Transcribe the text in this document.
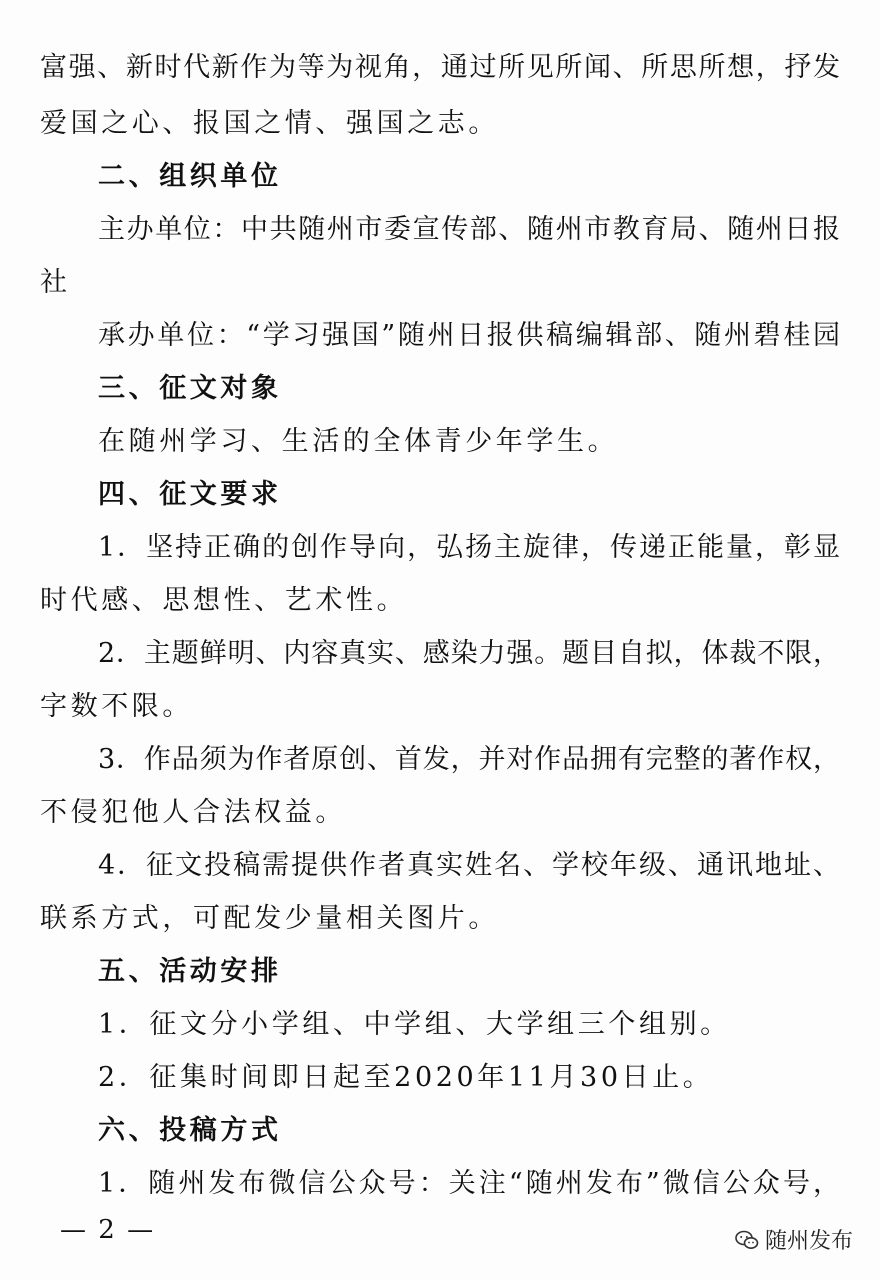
富强、新时代新作为等为视角，通过所见所闻、所思所想，抒发
爱国之心、报国之情、强国之志。
二、组织单位
主办单位：中共随州市委宣传部、随州市教育局、随州日报
社
承办单位：“学习强国”随州日报供稿编辑部、随州碧桂园
三、征文对象
在随州学习、生活的全体青少年学生。
四、征文要求
1．坚持正确的创作导向，弘扬主旋律，传递正能量，彰显
时代感、思想性、艺术性。
2．主题鲜明、内容真实、感染力强。题目自拟，体裁不限，
字数不限。
3．作品须为作者原创、首发，并对作品拥有完整的著作权，
不侵犯他人合法权益。
4．征文投稿需提供作者真实姓名、学校年级、通讯地址、
联系方式，可配发少量相关图片。
五、活动安排
1．征文分小学组、中学组、大学组三个组别。
2．征集时间即日起至2020年11月30日止。
六、投稿方式
1．随州发布微信公众号：关注“随州发布”微信公众号，
— 2 —	随州发布
